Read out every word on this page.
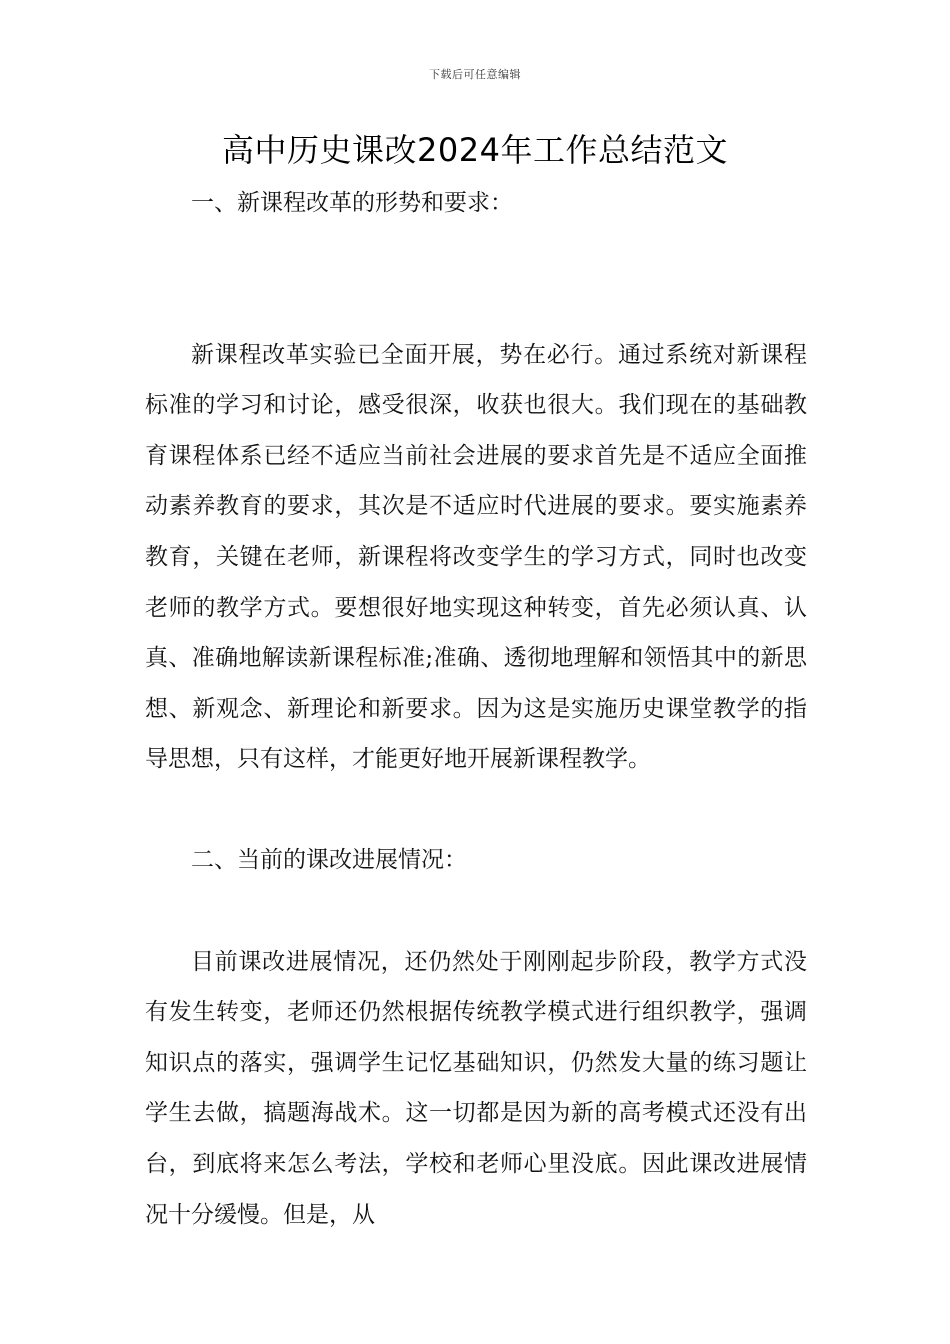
下载后可任意编辑
高中历史课改2024年工作总结范文

一、新课程改革的形势和要求：

新课程改革实验已全面开展，势在必行。通过系统对新课程标准的学习和讨论，感受很深，收获也很大。我们现在的基础教育课程体系已经不适应当前社会进展的要求首先是不适应全面推动素养教育的要求，其次是不适应时代进展的要求。要实施素养教育，关键在老师，新课程将改变学生的学习方式，同时也改变老师的教学方式。要想很好地实现这种转变，首先必须认真、认真、准确地解读新课程标准;准确、透彻地理解和领悟其中的新思想、新观念、新理论和新要求。因为这是实施历史课堂教学的指导思想，只有这样，才能更好地开展新课程教学。

二、当前的课改进展情况：

目前课改进展情况，还仍然处于刚刚起步阶段，教学方式没有发生转变，老师还仍然根据传统教学模式进行组织教学，强调知识点的落实，强调学生记忆基础知识，仍然发大量的练习题让学生去做，搞题海战术。这一切都是因为新的高考模式还没有出台，到底将来怎么考法，学校和老师心里没底。因此课改进展情况十分缓慢。但是，从
